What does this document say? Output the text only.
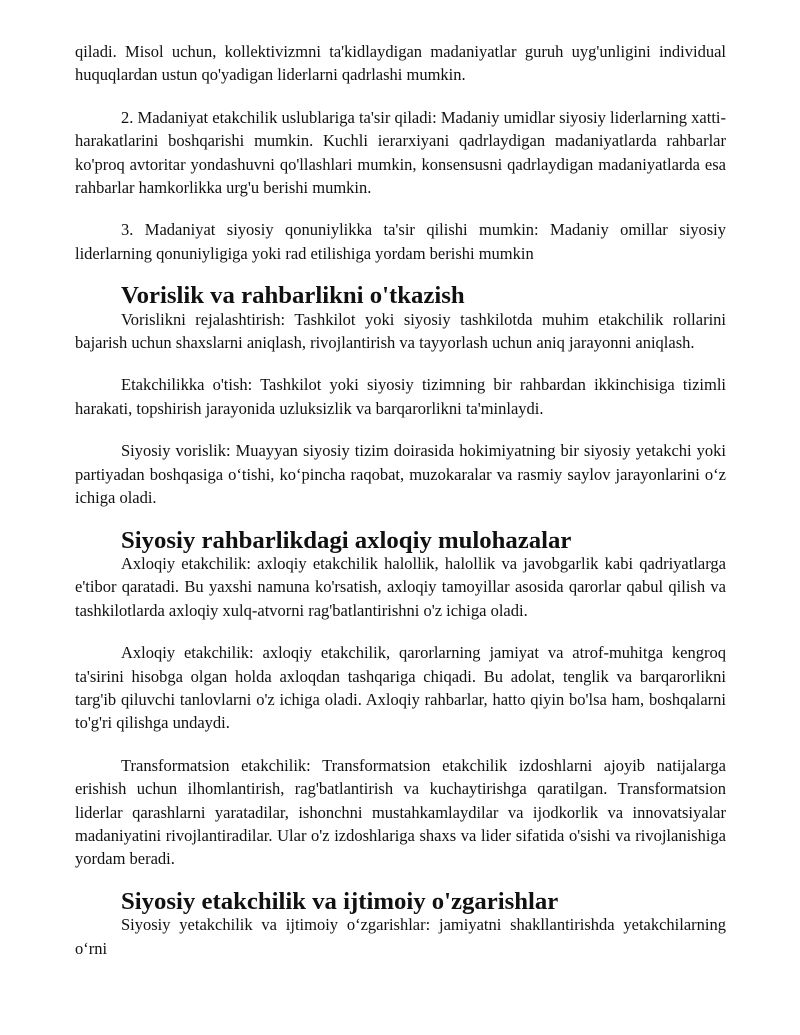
qiladi. Misol uchun, kollektivizmni ta'kidlaydigan madaniyatlar guruh uyg'unligini individual huquqlardan ustun qo'yadigan liderlarni qadrlashi mumkin.

2. Madaniyat etakchilik uslublariga ta'sir qiladi: Madaniy umidlar siyosiy liderlarning xatti-harakatlarini boshqarishi mumkin. Kuchli ierarxiyani qadrlaydigan madaniyatlarda rahbarlar ko'proq avtoritar yondashuvni qo'llashlari mumkin, konsensusni qadrlaydigan madaniyatlarda esa rahbarlar hamkorlikka urg'u berishi mumkin.

3. Madaniyat siyosiy qonuniylikka ta'sir qilishi mumkin: Madaniy omillar siyosiy liderlarning qonuniyligiga yoki rad etilishiga yordam berishi mumkin

Vorislik va rahbarlikni o'tkazish

Vorislikni rejalashtirish: Tashkilot yoki siyosiy tashkilotda muhim etakchilik rollarini bajarish uchun shaxslarni aniqlash, rivojlantirish va tayyorlash uchun aniq jarayonni aniqlash.

Etakchilikka o'tish: Tashkilot yoki siyosiy tizimning bir rahbardan ikkinchisiga tizimli harakati, topshirish jarayonida uzluksizlik va barqarorlikni ta'minlaydi.

Siyosiy vorislik: Muayyan siyosiy tizim doirasida hokimiyatning bir siyosiy yetakchi yoki partiyadan boshqasiga o‘tishi, ko‘pincha raqobat, muzokaralar va rasmiy saylov jarayonlarini o‘z ichiga oladi.

Siyosiy rahbarlikdagi axloqiy mulohazalar

Axloqiy etakchilik: axloqiy etakchilik halollik, halollik va javobgarlik kabi qadriyatlarga e'tibor qaratadi. Bu yaxshi namuna ko'rsatish, axloqiy tamoyillar asosida qarorlar qabul qilish va tashkilotlarda axloqiy xulq-atvorni rag'batlantirishni o'z ichiga oladi.

Axloqiy etakchilik: axloqiy etakchilik, qarorlarning jamiyat va atrof-muhitga kengroq ta'sirini hisobga olgan holda axloqdan tashqariga chiqadi. Bu adolat, tenglik va barqarorlikni targ'ib qiluvchi tanlovlarni o'z ichiga oladi. Axloqiy rahbarlar, hatto qiyin bo'lsa ham, boshqalarni to'g'ri qilishga undaydi.

Transformatsion etakchilik: Transformatsion etakchilik izdoshlarni ajoyib natijalarga erishish uchun ilhomlantirish, rag'batlantirish va kuchaytirishga qaratilgan. Transformatsion liderlar qarashlarni yaratadilar, ishonchni mustahkamlaydilar va ijodkorlik va innovatsiyalar madaniyatini rivojlantiradilar. Ular o'z izdoshlariga shaxs va lider sifatida o'sishi va rivojlanishiga yordam beradi.

Siyosiy etakchilik va ijtimoiy o'zgarishlar

Siyosiy yetakchilik va ijtimoiy o‘zgarishlar: jamiyatni shakllantirishda yetakchilarning o‘rni
